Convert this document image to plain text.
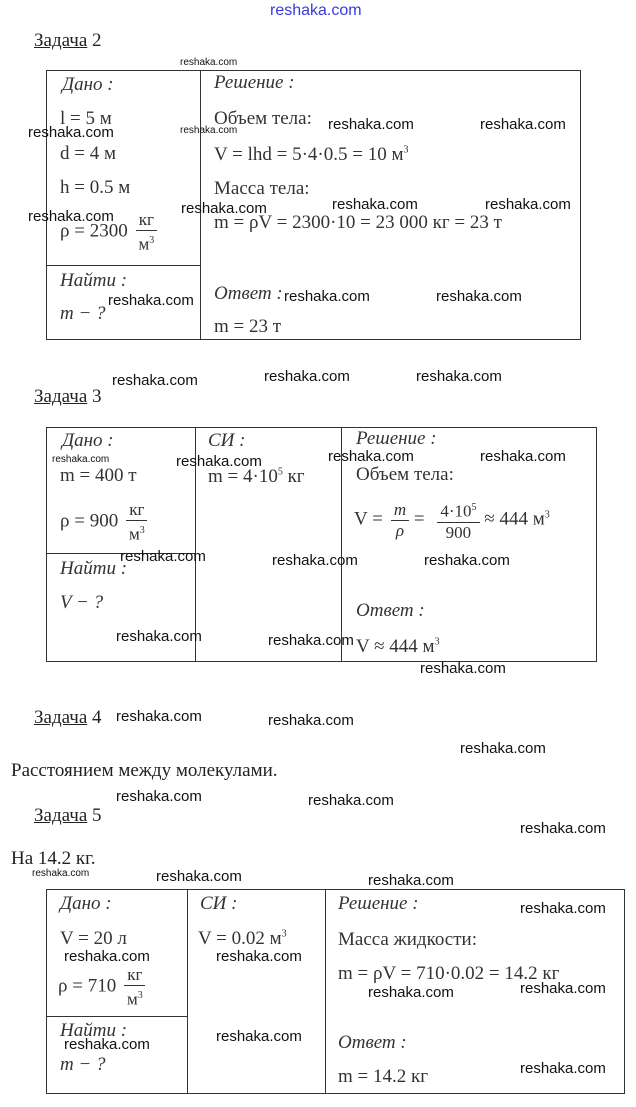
reshaka.com
Задача 2
Дано :
l = 5 м
d = 4 м
h = 0.5 м
ρ = 2300
кг
$м^3$
Найти :
m − ?
Решение :
Объем тела:
V = lhd = 5·4·0.5 = 10 $м^3$
Масса тела:
m = ρV = 2300·10 = 23 000 кг = 23 т
Ответ :
m = 23 т
Задача 3
Дано :
m = 400 т
ρ = 900
кг
$м^3$
Найти :
V − ?
СИ :
$m = 4\cdot 10^5$ кг
Решение :
Объем тела:
$V = \frac{m}{\rho} = \frac{4\cdot 10^5}{900} \approx 444$ $м^3$
Ответ :
V ≈ 444 $м^3$
Задача 4
Расстоянием между молекулами.
Задача 5
На 14.2 кг.
Дано :
V = 20 л
ρ = 710
кг
$м^3$
Найти :
m − ?
СИ :
V = 0.02 $м^3$
Решение :
Масса жидкости:
m = ρV = 710·0.02 = 14.2 кг
Ответ :
m = 14.2 кг
reshaka.com
reshaka.com
reshaka.com	reshaka.com	reshaka.com
reshaka.com	reshaka.com	reshaka.com	reshaka.com
reshaka.com	reshaka.com	reshaka.com
reshaka.com	reshaka.com	reshaka.com
reshaka.com	reshaka.com	reshaka.com	reshaka.com
reshaka.com	reshaka.com	reshaka.com
reshaka.com	reshaka.com
reshaka.com
reshaka.com	reshaka.com
reshaka.com
reshaka.com	reshaka.com
reshaka.com
reshaka.com	reshaka.com	reshaka.com
reshaka.com
reshaka.com	reshaka.com
reshaka.com	reshaka.com
reshaka.com	reshaka.com
reshaka.com
